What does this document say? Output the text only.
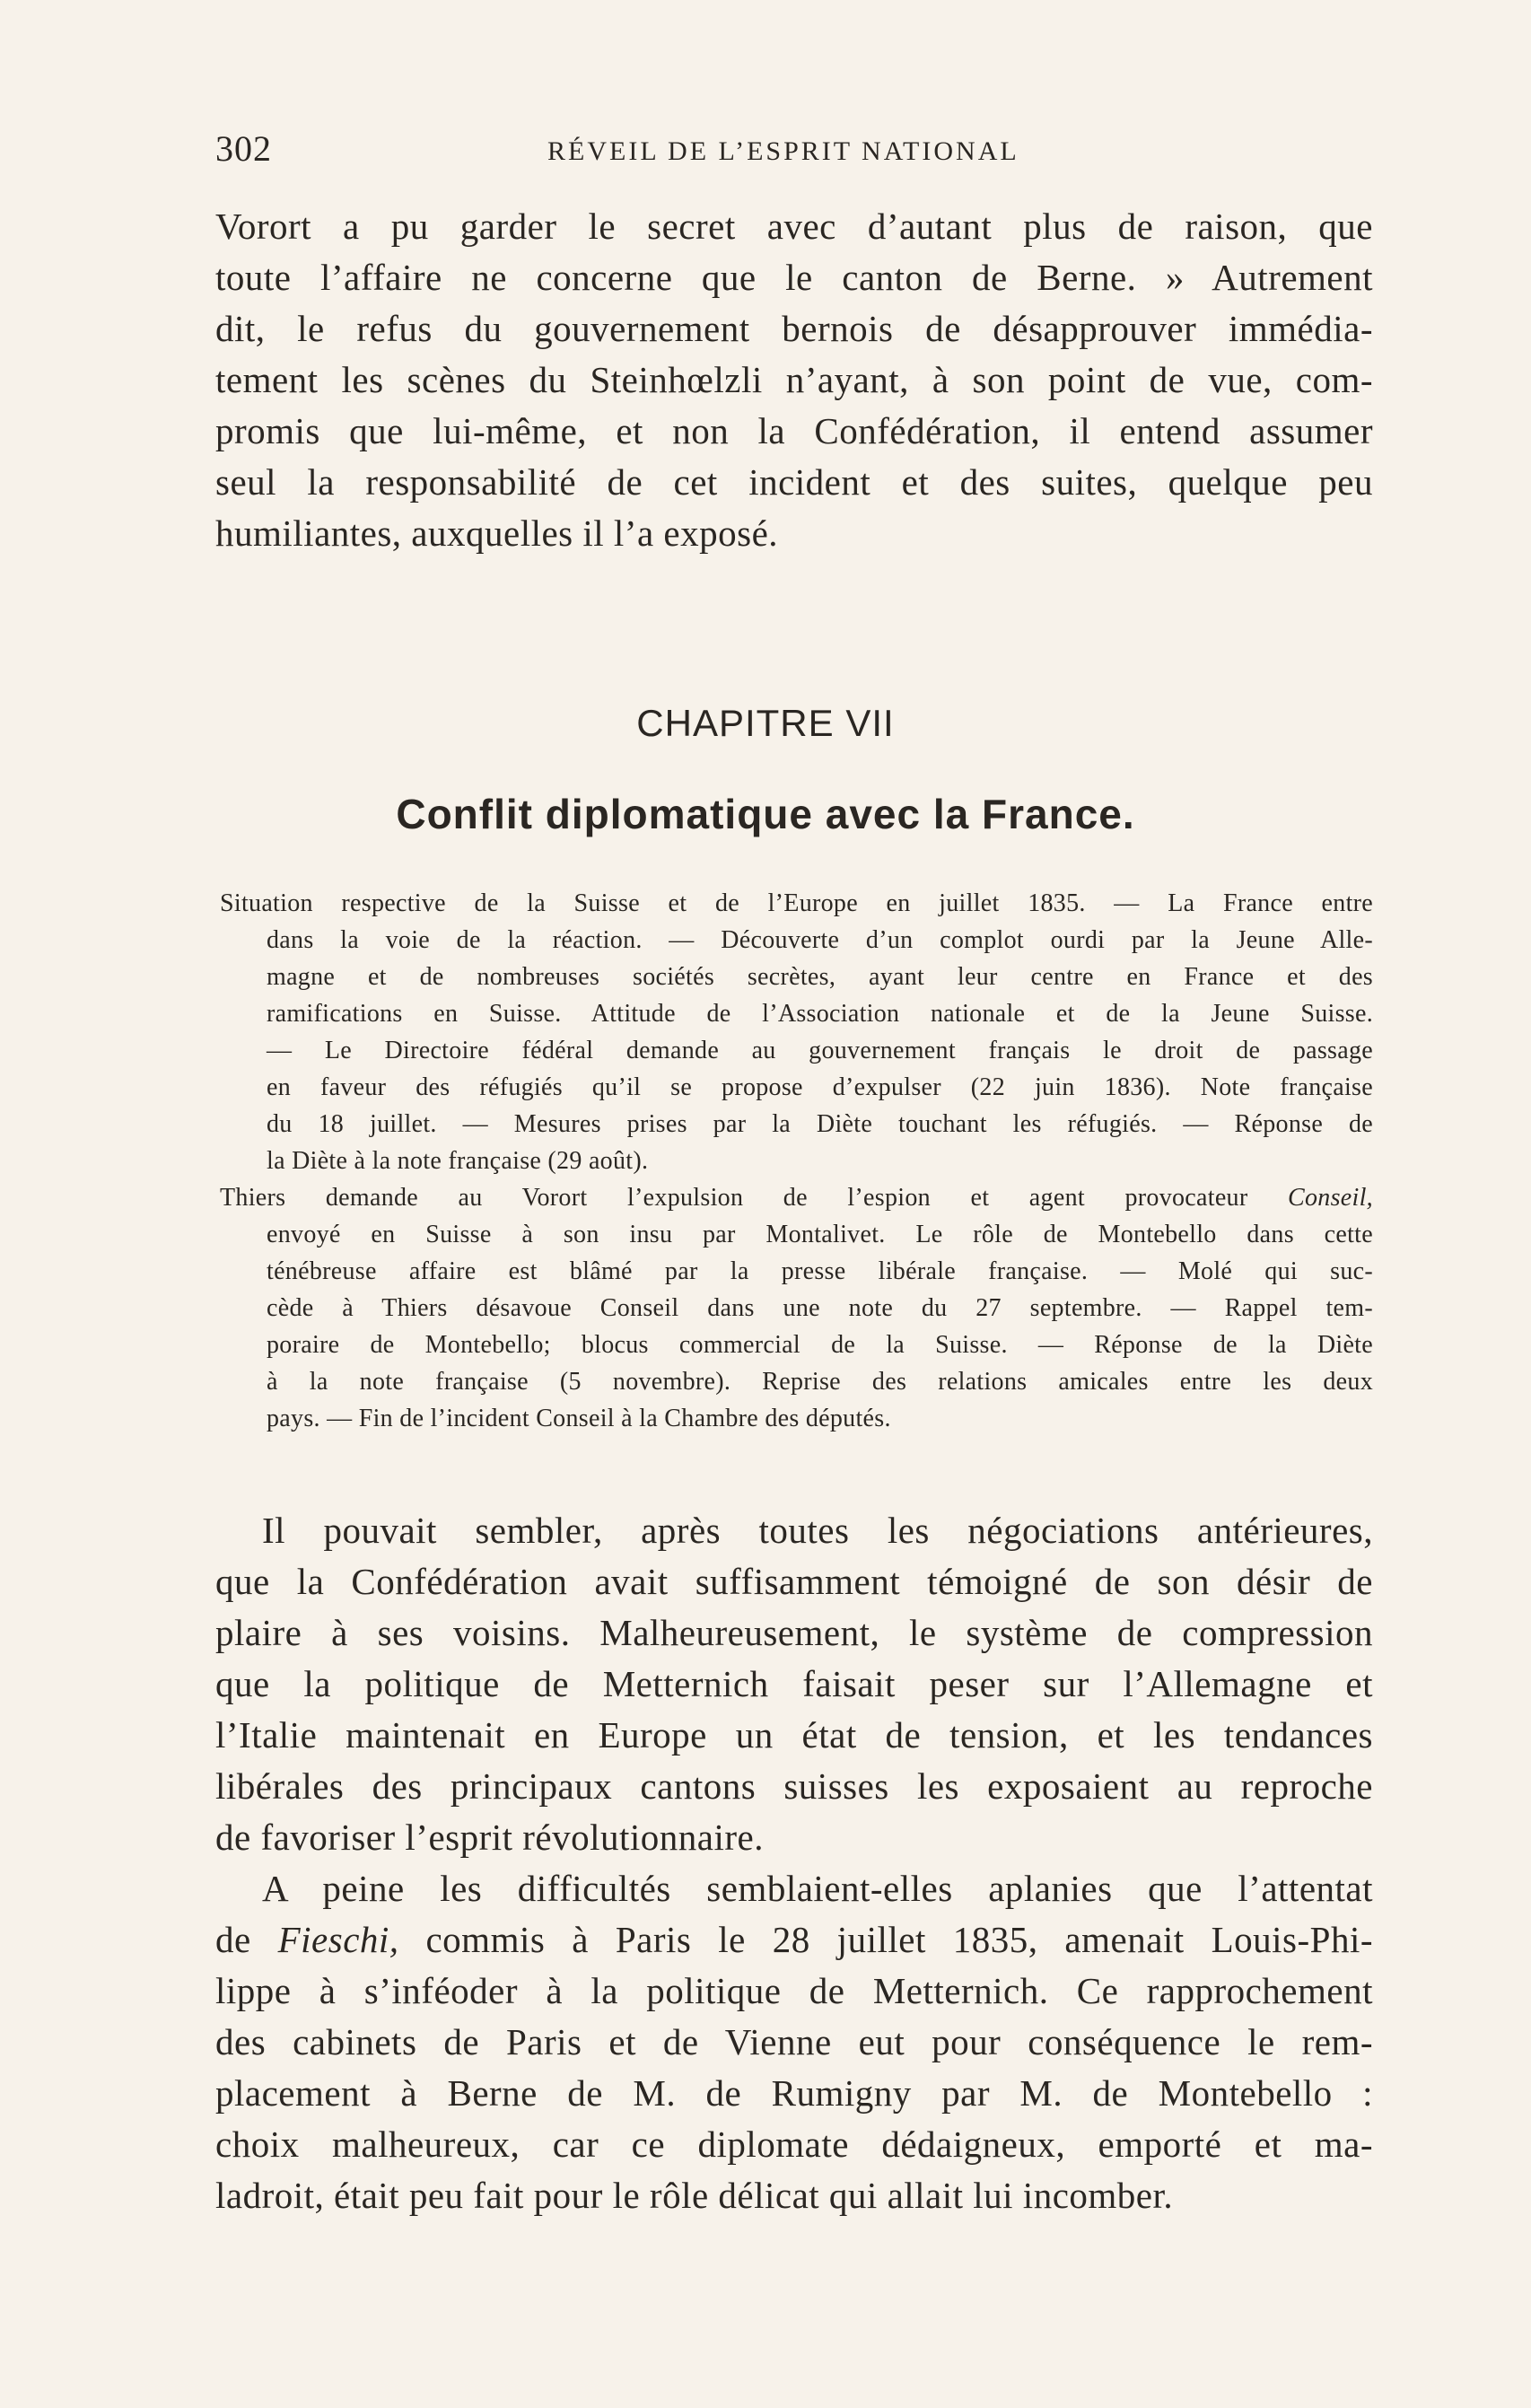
302	RÉVEIL DE L’ESPRIT NATIONAL
Vorort a pu garder le secret avec d’autant plus de raison, que
toute l’affaire ne concerne que le canton de Berne. » Autrement
dit, le refus du gouvernement bernois de désapprouver immédia-
tement les scènes du Steinhœlzli n’ayant, à son point de vue, com-
promis que lui-même, et non la Confédération, il entend assumer
seul la responsabilité de cet incident et des suites, quelque peu
humiliantes, auxquelles il l’a exposé.
CHAPITRE VII
Conflit diplomatique avec la France.
Situation respective de la Suisse et de l’Europe en juillet 1835. — La France entre
dans la voie de la réaction. — Découverte d’un complot ourdi par la Jeune Alle-
magne et de nombreuses sociétés secrètes, ayant leur centre en France et des
ramifications en Suisse. Attitude de l’Association nationale et de la Jeune Suisse.
— Le Directoire fédéral demande au gouvernement français le droit de passage
en faveur des réfugiés qu’il se propose d’expulser (22 juin 1836). Note française
du 18 juillet. — Mesures prises par la Diète touchant les réfugiés. — Réponse de
la Diète à la note française (29 août).
Thiers demande au Vorort l’expulsion de l’espion et agent provocateur Conseil,
envoyé en Suisse à son insu par Montalivet. Le rôle de Montebello dans cette
ténébreuse affaire est blâmé par la presse libérale française. — Molé qui suc-
cède à Thiers désavoue Conseil dans une note du 27 septembre. — Rappel tem-
poraire de Montebello; blocus commercial de la Suisse. — Réponse de la Diète
à la note française (5 novembre). Reprise des relations amicales entre les deux
pays. — Fin de l’incident Conseil à la Chambre des députés.
Il pouvait sembler, après toutes les négociations antérieures,
que la Confédération avait suffisamment témoigné de son désir de
plaire à ses voisins. Malheureusement, le système de compression
que la politique de Metternich faisait peser sur l’Allemagne et
l’Italie maintenait en Europe un état de tension, et les tendances
libérales des principaux cantons suisses les exposaient au reproche
de favoriser l’esprit révolutionnaire.
A peine les difficultés semblaient-elles aplanies que l’attentat
de Fieschi, commis à Paris le 28 juillet 1835, amenait Louis-Phi-
lippe à s’inféoder à la politique de Metternich. Ce rapprochement
des cabinets de Paris et de Vienne eut pour conséquence le rem-
placement à Berne de M. de Rumigny par M. de Montebello :
choix malheureux, car ce diplomate dédaigneux, emporté et ma-
ladroit, était peu fait pour le rôle délicat qui allait lui incomber.
